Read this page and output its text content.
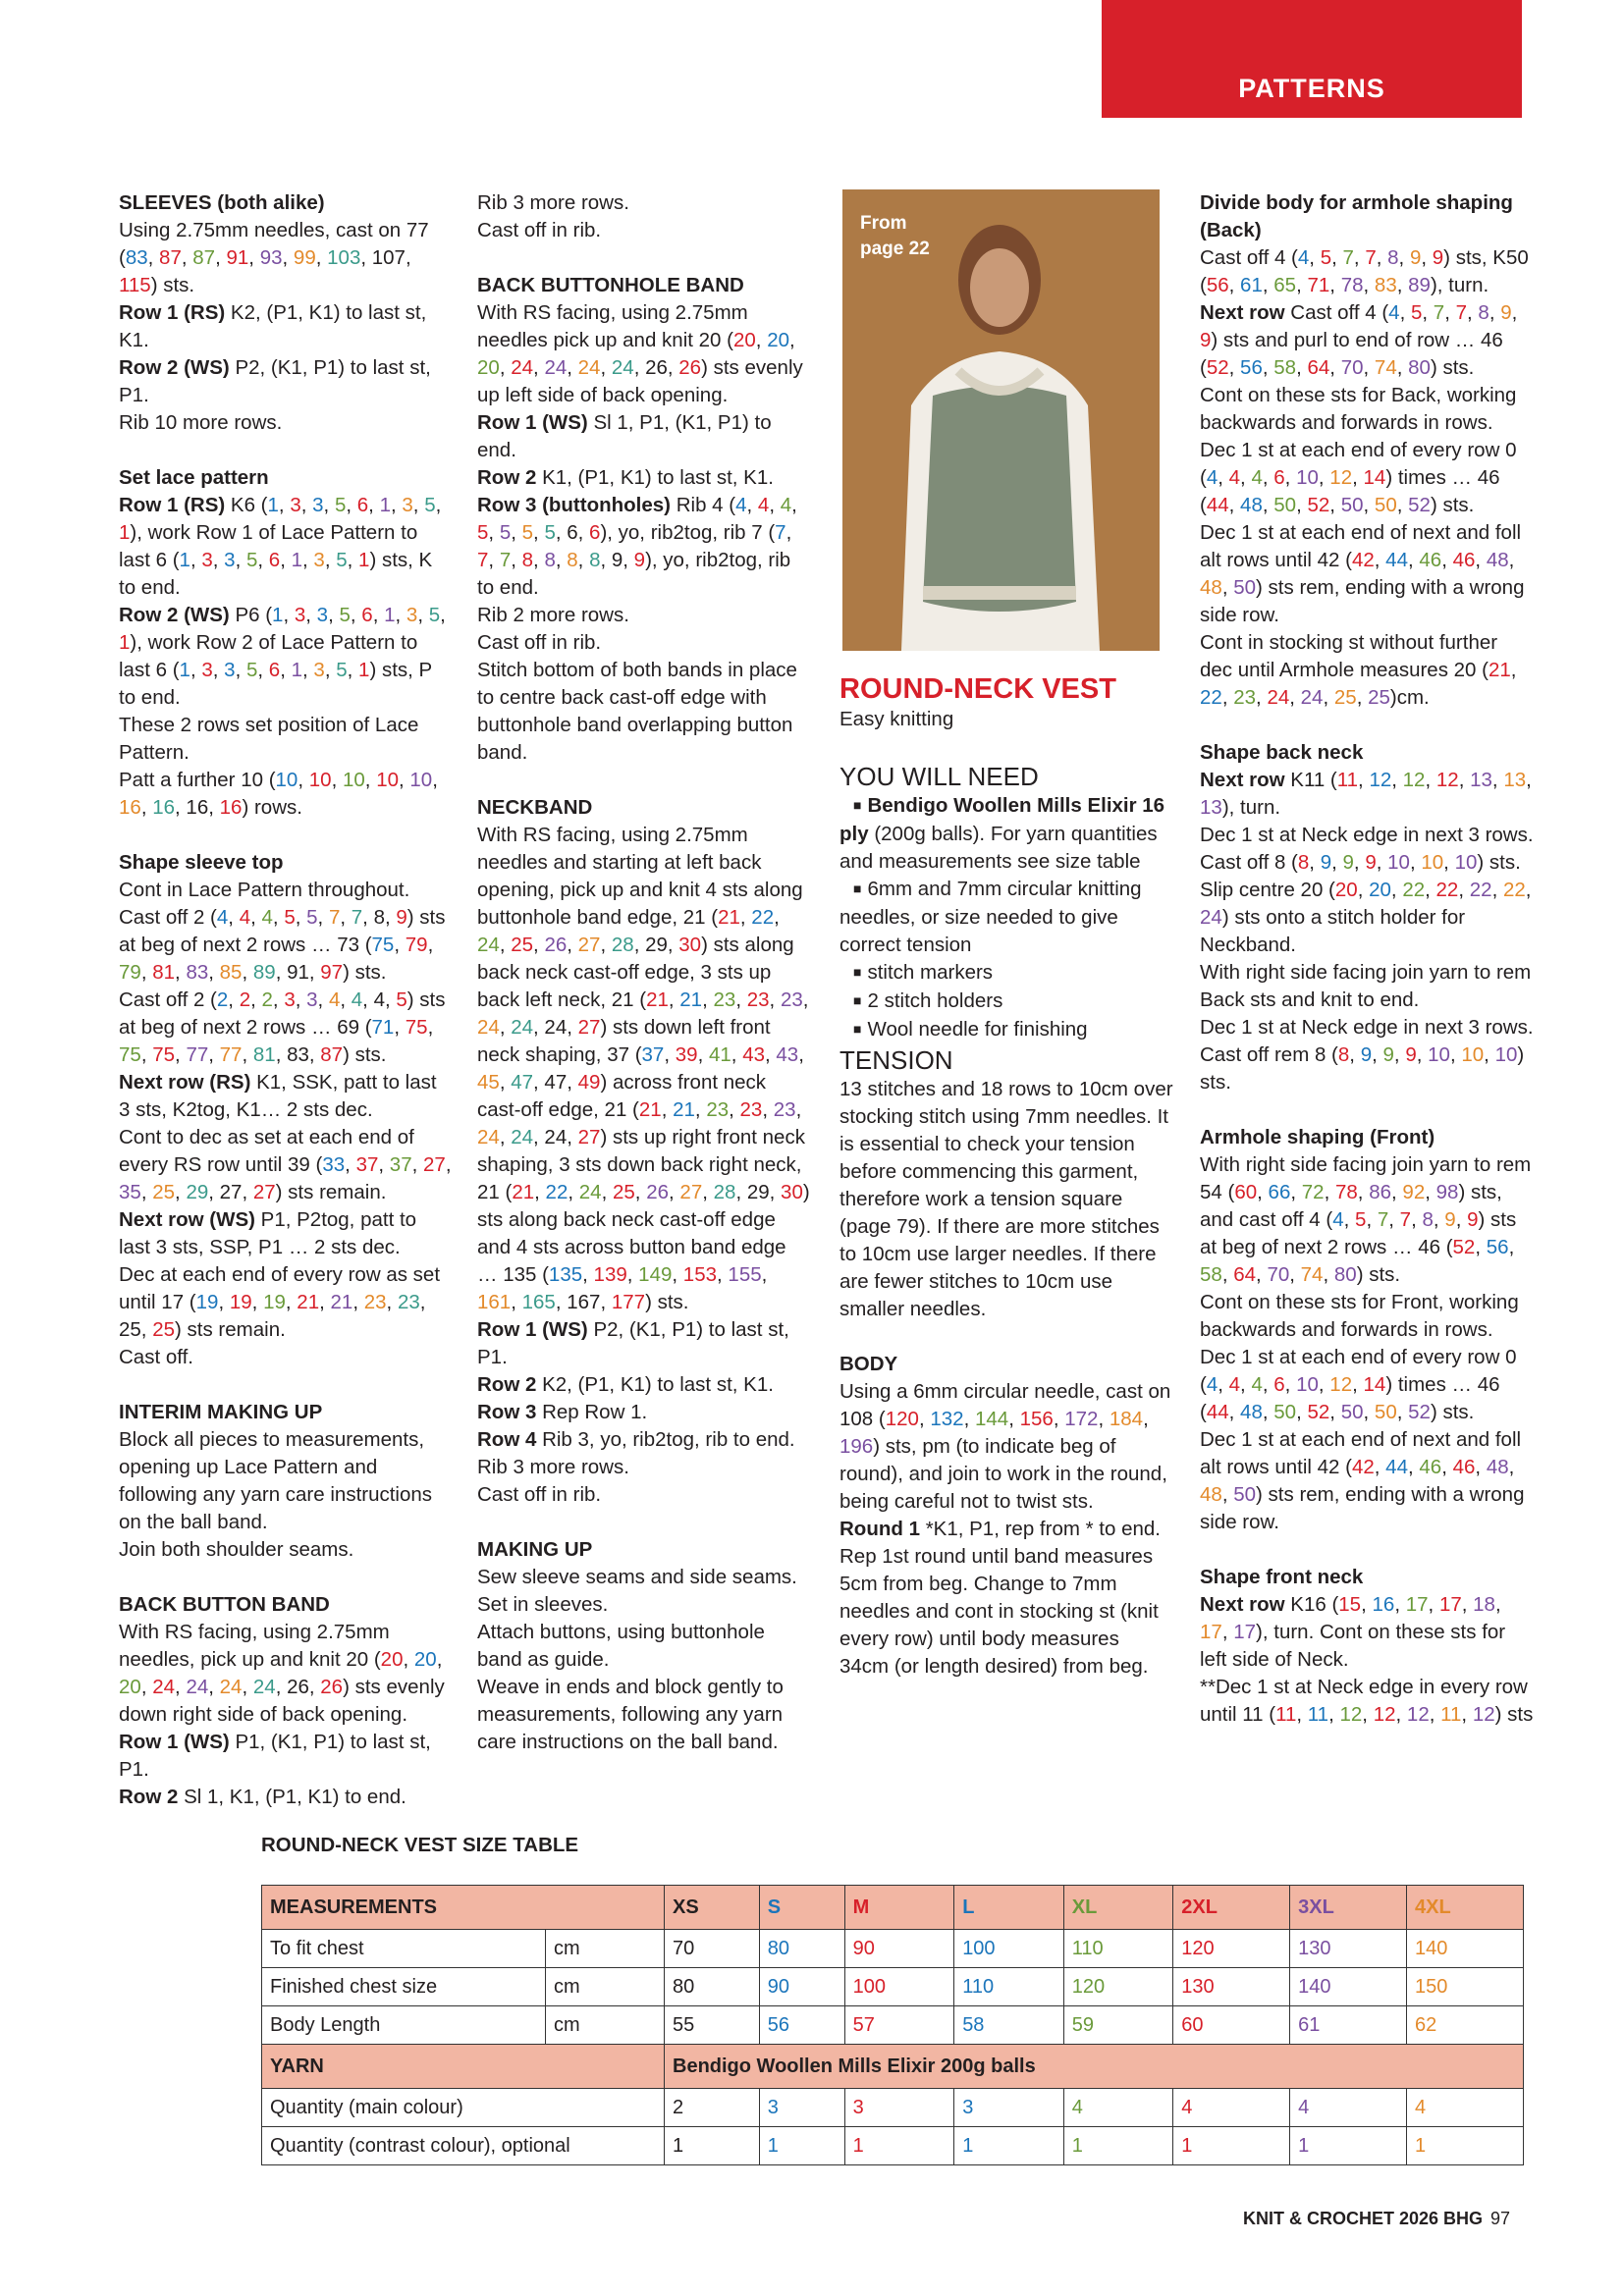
PATTERNS

SLEEVES (both alike)

Using 2.75mm needles, cast on 77 (83, 87, 87, 91, 93, 99, 103, 107, 115) sts.

Row 1 (RS) K2, (P1, K1) to last st, K1.

Row 2 (WS) P2, (K1, P1) to last st, P1.

Rib 10 more rows.

Set lace pattern

Row 1 (RS) K6 (1, 3, 3, 5, 6, 1, 3, 5, 1), work Row 1 of Lace Pattern to last 6 (1, 3, 3, 5, 6, 1, 3, 5, 1) sts, K to end.

Row 2 (WS) P6 (1, 3, 3, 5, 6, 1, 3, 5, 1), work Row 2 of Lace Pattern to last 6 (1, 3, 3, 5, 6, 1, 3, 5, 1) sts, P to end.

These 2 rows set position of Lace Pattern.

Patt a further 10 (10, 10, 10, 10, 10, 16, 16, 16, 16) rows.

Shape sleeve top

Cont in Lace Pattern throughout.

Cast off 2 (4, 4, 4, 5, 5, 7, 7, 8, 9) sts at beg of next 2 rows … 73 (75, 79, 79, 81, 83, 85, 89, 91, 97) sts.

Cast off 2 (2, 2, 2, 3, 3, 4, 4, 4, 5) sts at beg of next 2 rows … 69 (71, 75, 75, 75, 77, 77, 81, 83, 87) sts.

Next row (RS) K1, SSK, patt to last 3 sts, K2tog, K1… 2 sts dec.

Cont to dec as set at each end of every RS row until 39 (33, 37, 37, 27, 35, 25, 29, 27, 27) sts remain.

Next row (WS) P1, P2tog, patt to last 3 sts, SSP, P1 … 2 sts dec.

Dec at each end of every row as set until 17 (19, 19, 19, 21, 21, 23, 23, 25, 25) sts remain.

Cast off.

INTERIM MAKING UP

Block all pieces to measurements, opening up Lace Pattern and following any yarn care instructions on the ball band.

Join both shoulder seams.

BACK BUTTON BAND

With RS facing, using 2.75mm needles, pick up and knit 20 (20, 20, 20, 24, 24, 24, 24, 26, 26) sts evenly down right side of back opening.

Row 1 (WS) P1, (K1, P1) to last st, P1.

Row 2 Sl 1, K1, (P1, K1) to end.

Rib 3 more rows.

Cast off in rib.

BACK BUTTONHOLE BAND

With RS facing, using 2.75mm needles pick up and knit 20 (20, 20, 20, 24, 24, 24, 24, 26, 26) sts evenly up left side of back opening.

Row 1 (WS) Sl 1, P1, (K1, P1) to end.

Row 2 K1, (P1, K1) to last st, K1.

Row 3 (buttonholes) Rib 4 (4, 4, 4, 5, 5, 5, 5, 6, 6), yo, rib2tog, rib 7 (7, 7, 7, 8, 8, 8, 8, 9, 9), yo, rib2tog, rib to end.

Rib 2 more rows.

Cast off in rib.

Stitch bottom of both bands in place to centre back cast-off edge with buttonhole band overlapping button band.

NECKBAND

With RS facing, using 2.75mm needles and starting at left back opening, pick up and knit 4 sts along buttonhole band edge, 21 (21, 22, 24, 25, 26, 27, 28, 29, 30) sts along back neck cast-off edge, 3 sts up back left neck, 21 (21, 21, 23, 23, 23, 24, 24, 24, 27) sts down left front neck shaping, 37 (37, 39, 41, 43, 43, 45, 47, 47, 49) across front neck cast-off edge, 21 (21, 21, 23, 23, 23, 24, 24, 24, 27) sts up right front neck shaping, 3 sts down back right neck, 21 (21, 22, 24, 25, 26, 27, 28, 29, 30) sts along back neck cast-off edge and 4 sts across button band edge … 135 (135, 139, 149, 153, 155, 161, 165, 167, 177) sts.

Row 1 (WS) P2, (K1, P1) to last st, P1.

Row 2 K2, (P1, K1) to last st, K1.

Row 3 Rep Row 1.

Row 4 Rib 3, yo, rib2tog, rib to end.

Rib 3 more rows.

Cast off in rib.

MAKING UP

Sew sleeve seams and side seams.

Set in sleeves.

Attach buttons, using buttonhole band as guide.

Weave in ends and block gently to measurements, following any yarn care instructions on the ball band.

From
page 22
ROUND-NECK VEST

Easy knitting

YOU WILL NEED

■ Bendigo Woollen Mills Elixir 16 ply (200g balls). For yarn quantities and measurements see size table

■ 6mm and 7mm circular knitting needles, or size needed to give correct tension

■ stitch markers

■ 2 stitch holders

■ Wool needle for finishing

TENSION

13 stitches and 18 rows to 10cm over stocking stitch using 7mm needles. It is essential to check your tension before commencing this garment, therefore work a tension square (page 79). If there are more stitches to 10cm use larger needles. If there are fewer stitches to 10cm use smaller needles.

BODY

Using a 6mm circular needle, cast on 108 (120, 132, 144, 156, 172, 184, 196) sts, pm (to indicate beg of round), and join to work in the round, being careful not to twist sts.

Round 1 *K1, P1, rep from * to end.

Rep 1st round until band measures 5cm from beg. Change to 7mm needles and cont in stocking st (knit every row) until body measures 34cm (or length desired) from beg.

Divide body for armhole shaping (Back)

Cast off 4 (4, 5, 7, 7, 8, 9, 9) sts, K50 (56, 61, 65, 71, 78, 83, 89), turn.

Next row Cast off 4 (4, 5, 7, 7, 8, 9, 9) sts and purl to end of row … 46 (52, 56, 58, 64, 70, 74, 80) sts.

Cont on these sts for Back, working backwards and forwards in rows.

Dec 1 st at each end of every row 0 (4, 4, 4, 6, 10, 12, 14) times … 46 (44, 48, 50, 52, 50, 50, 52) sts.

Dec 1 st at each end of next and foll alt rows until 42 (42, 44, 46, 46, 48, 48, 50) sts rem, ending with a wrong side row.

Cont in stocking st without further dec until Armhole measures 20 (21, 22, 23, 24, 24, 25, 25)cm.

Shape back neck

Next row K11 (11, 12, 12, 12, 13, 13, 13), turn.

Dec 1 st at Neck edge in next 3 rows.

Cast off 8 (8, 9, 9, 9, 10, 10, 10) sts.

Slip centre 20 (20, 20, 22, 22, 22, 22, 24) sts onto a stitch holder for Neckband.

With right side facing join yarn to rem Back sts and knit to end.

Dec 1 st at Neck edge in next 3 rows.

Cast off rem 8 (8, 9, 9, 9, 10, 10, 10) sts.

Armhole shaping (Front)

With right side facing join yarn to rem 54 (60, 66, 72, 78, 86, 92, 98) sts, and cast off 4 (4, 5, 7, 7, 8, 9, 9) sts at beg of next 2 rows … 46 (52, 56, 58, 64, 70, 74, 80) sts.

Cont on these sts for Front, working backwards and forwards in rows.

Dec 1 st at each end of every row 0 (4, 4, 4, 6, 10, 12, 14) times … 46 (44, 48, 50, 52, 50, 50, 52) sts.

Dec 1 st at each end of next and foll alt rows until 42 (42, 44, 46, 46, 48, 48, 50) sts rem, ending with a wrong side row.

Shape front neck

Next row K16 (15, 16, 17, 17, 18, 17, 17), turn. Cont on these sts for left side of Neck.

**Dec 1 st at Neck edge in every row until 11 (11, 11, 12, 12, 12, 11, 12) sts

ROUND-NECK VEST SIZE TABLE
MEASUREMENTS		XS	S	M	L	XL	2XL	3XL	4XL
To fit chest	cm	70	80	90	100	110	120	130	140
Finished chest size	cm	80	90	100	110	120	130	140	150
Body Length	cm	55	56	57	58	59	60	61	62
YARN		Bendigo Woollen Mills Elixir 200g balls							
Quantity (main colour)		2	3	3	3	4	4	4	4
Quantity (contrast colour), optional		1	1	1	1	1	1	1	1
KNIT & CROCHET 2026 BHG 97
